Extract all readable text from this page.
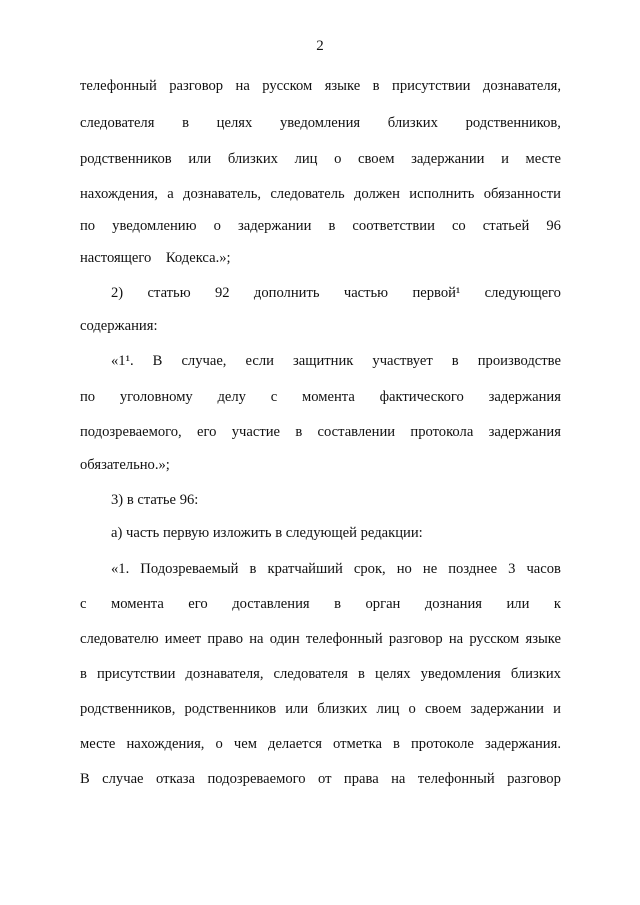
2
телефонный разговор на русском языке в присутствии дознавателя,
следователя в целях уведомления близких родственников,
родственников или близких лиц о своем задержании и месте
нахождения, а дознаватель, следователь должен исполнить обязанности
по уведомлению о задержании в соответствии со статьей 96
настоящего Кодекса.»;
2) статью 92 дополнить частью первой¹ следующего
содержания:
«1¹. В случае, если защитник участвует в производстве
по уголовному делу с момента фактического задержания
подозреваемого, его участие в составлении протокола задержания
обязательно.»;
3) в статье 96:
а) часть первую изложить в следующей редакции:
«1. Подозреваемый в кратчайший срок, но не позднее 3 часов
с момента его доставления в орган дознания или к
следователю имеет право на один телефонный разговор на русском языке
в присутствии дознавателя, следователя в целях уведомления близких
родственников, родственников или близких лиц о своем задержании и
месте нахождения, о чем делается отметка в протоколе задержания.
В случае отказа подозреваемого от права на телефонный разговор
